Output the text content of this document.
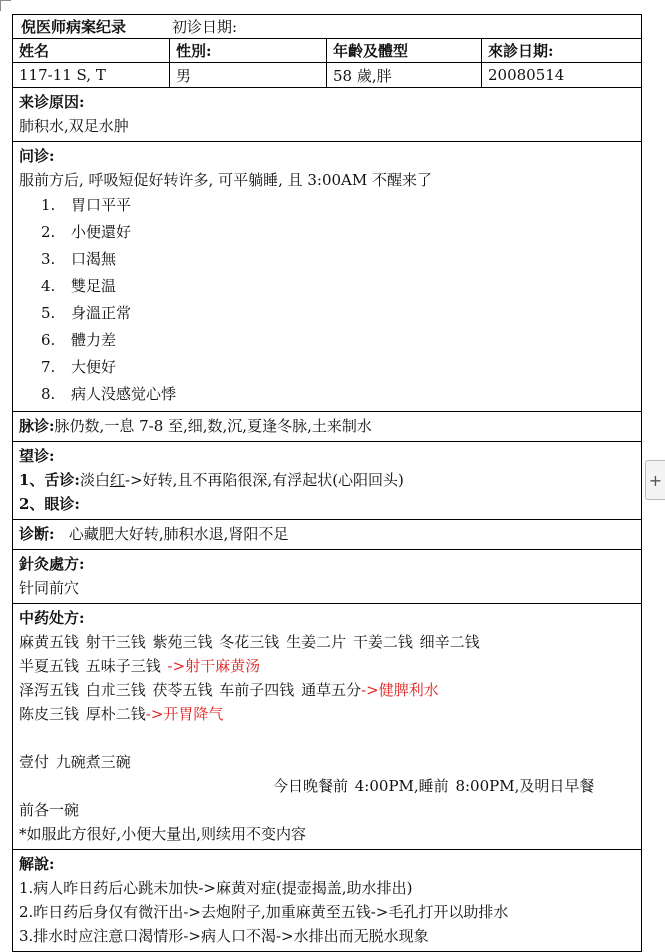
倪医师病案纪录	初诊日期:
姓名	性別:	年齡及體型	來診日期:
117-11 S, T	男	58 歲,胖	20080514
来诊原因:
肺积水,双足水肿
问诊:
服前方后, 呼吸短促好转许多, 可平躺睡, 且 3:00AM 不醒来了
1.	胃口平平
2.	小便還好
3.	口渴無
4.	雙足温
5.	身溫正常
6.	體力差
7.	大便好
8.	病人没感觉心悸
脉诊:脉仍数,一息 7-8 至,细,数,沉,夏逢冬脉,土来制水
望诊:
1、舌诊:淡白红->好转,且不再陷很深,有浮起状(心阳回头)
2、眼诊:
诊断: 心藏肥大好转,肺积水退,肾阳不足
針灸處方:
针同前穴
中药处方:
麻黄五钱 射干三钱 紫苑三钱 冬花三钱 生姜二片 干姜二钱 细辛二钱
半夏五钱 五味子三钱 ->射干麻黄汤
泽泻五钱 白朮三钱 茯苓五钱 车前子四钱 通草五分->健脾利水
陈皮三钱 厚朴二钱->开胃降气
壹付 九碗煮三碗
今日晚餐前 4:00PM,睡前 8:00PM,及明日早餐
前各一碗
*如服此方很好,小便大量出,则续用不变内容
解說:
1.病人昨日药后心跳未加快->麻黄对症(提壶揭盖,助水排出)
2.昨日药后身仅有微汗出->去炮附子,加重麻黄至五钱->毛孔打开以助排水
3.排水时应注意口渴情形->病人口不渴->水排出而无脱水现象
+
